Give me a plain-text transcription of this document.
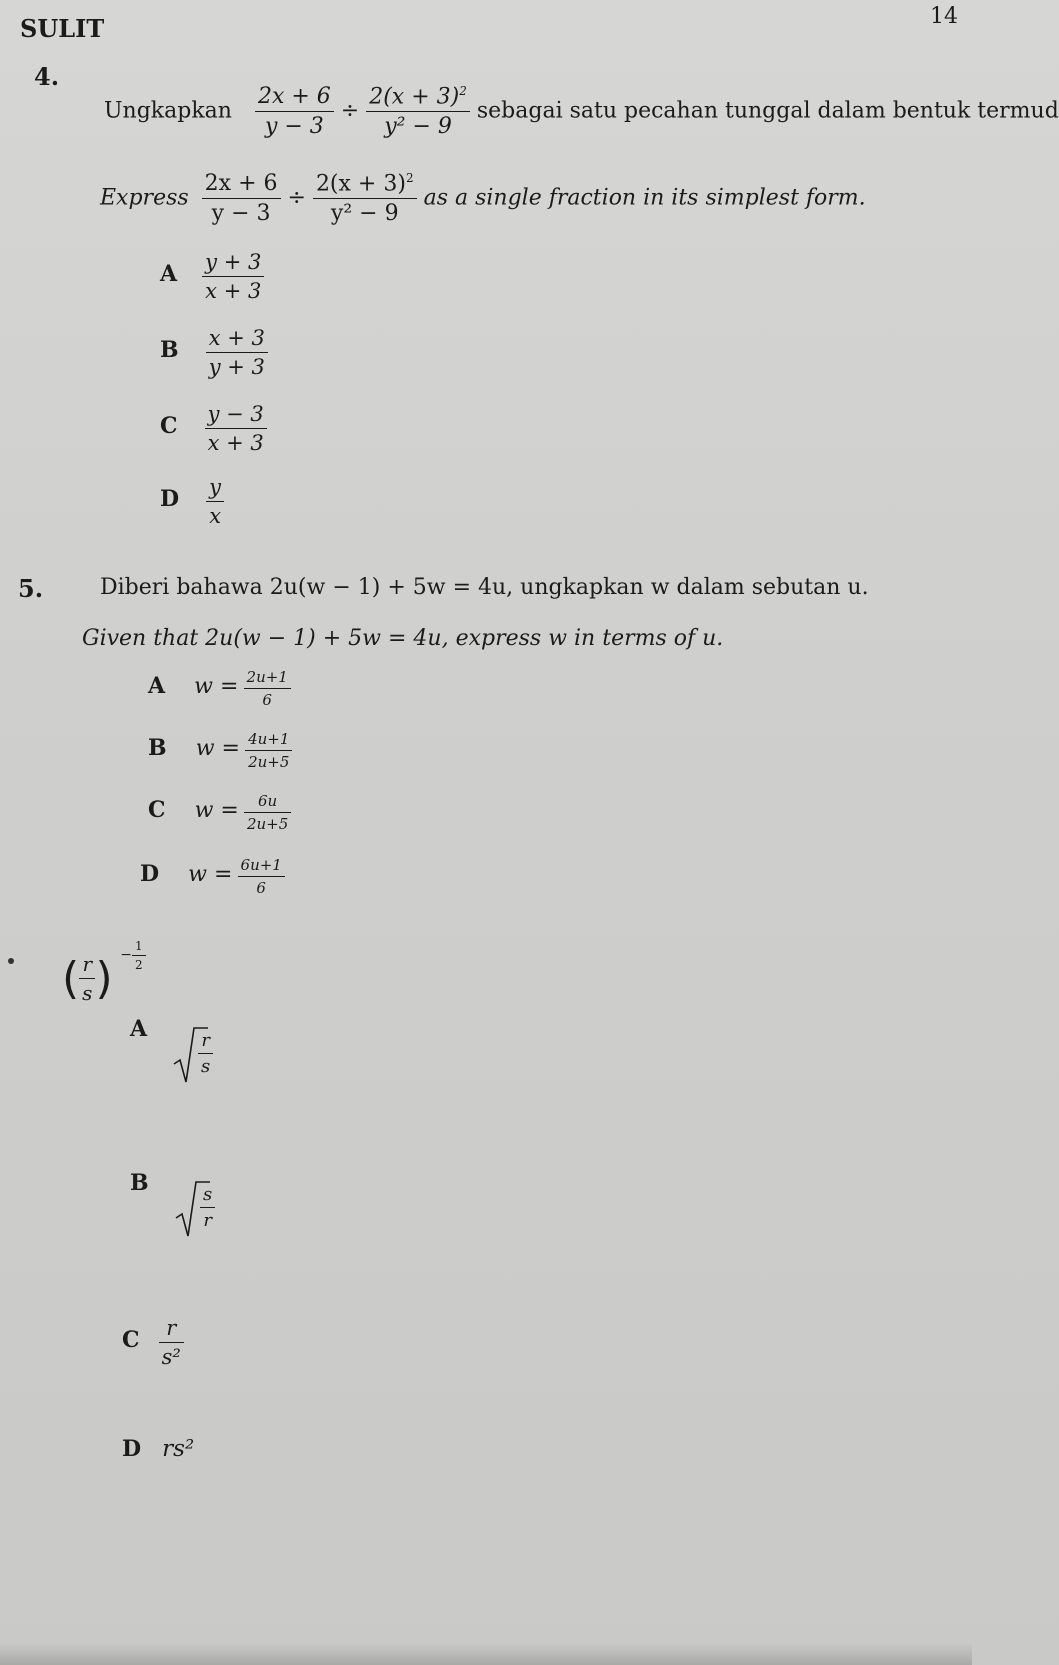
SULIT	14
4.
Ungkapkan $\frac{2x + 6}{y - 3} \div \frac{2(x + 3)^2}{\text{y² − 9}}$ sebagai satu pecahan tunggal dalam bentuk termud
Express $\frac{2x + 6}{y - 3} \div \frac{2(x + 3)^2}{\text{y² − 9}}$ as a single fraction in its simplest form.
A $\frac{y + 3}{x + 3}$
B $\frac{x + 3}{y + 3}$
C $\frac{y - 3}{x + 3}$
D $\frac{y}{x}$
5.	Diberi bahawa 2u(w − 1) + 5w = 4u, ungkapkan w dalam sebutan u.
Given that 2u(w − 1) + 5w = 4u, express w in terms of u.
A $w = \frac{2u+1}{6}$
B $w = \frac{4u+1}{2u+5}$
C $w = \frac{6u}{2u+5}$
D $w = \frac{6u+1}{6}$
( $\frac{r}{s}$ ) $^{- \frac{1}{2}}$
A
$\frac{r}{s}$
B
$\frac{s}{r}$
C $\frac{r}{\text{s²}}$
D rs²
